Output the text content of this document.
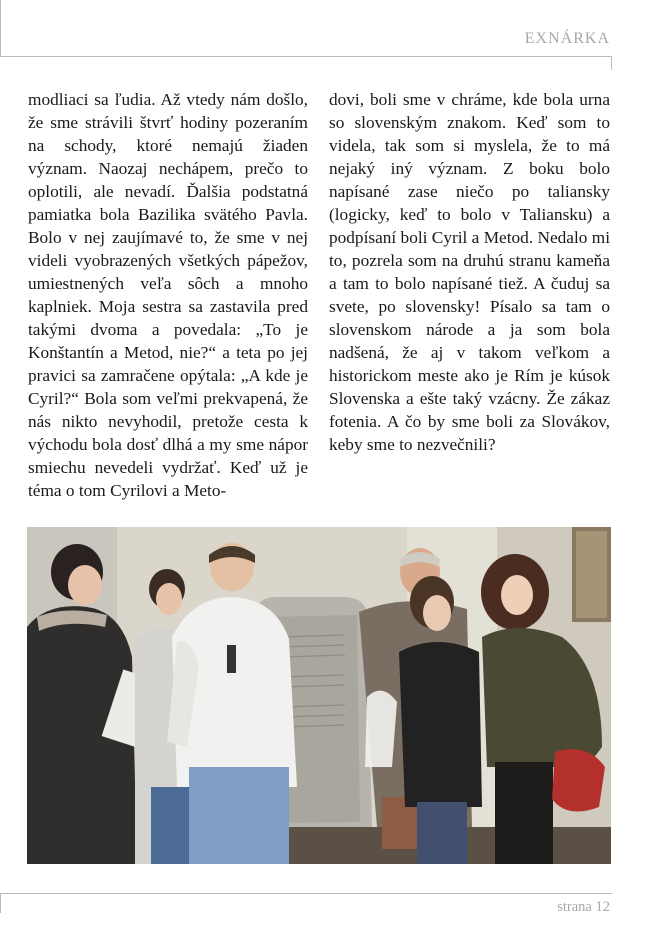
EXNÁRKA
modliaci sa ľudia. Až vtedy nám došlo, že sme strávili štvrť hodiny pozeraním na schody, ktoré nemajú žiaden význam. Naozaj nechápem, prečo to oplotili, ale nevadí. Ďalšia podstatná pamiatka bola Bazilika svätého Pavla. Bolo v nej zaujímavé to, že sme v nej videli vyobrazených všetkých pápežov, umiestnených veľa sôch a mnoho kaplniek. Moja sestra sa zastavila pred takými dvoma a povedala: „To je Konštantín a Metod, nie?“ a teta po jej pravici sa zamračene opýtala: „A kde je Cyril?“ Bola som veľmi prekvapená, že nás nikto nevyhodil, pretože cesta k východu bola dosť dlhá a my sme nápor smiechu nevedeli vydržať. Keď už je téma o tom Cyrilovi a Meto-
dovi, boli sme v chráme, kde bola urna so slovenským znakom. Keď som to videla, tak som si myslela, že to má nejaký iný význam. Z boku bolo napísané zase niečo po taliansky (logicky, keď to bolo v Taliansku) a podpísaní boli Cyril a Metod. Nedalo mi to, pozrela som na druhú stranu kameňa a tam to bolo napísané tiež. A čuduj sa svete, po slovensky! Písalo sa tam o slovenskom národe a ja som bola nadšená, že aj v takom veľkom a historickom meste ako je Rím je kúsok Slovenska a ešte taký vzácny. Že zákaz fotenia. A čo by sme boli za Slovákov, keby sme to nezvečnili?
strana 12
